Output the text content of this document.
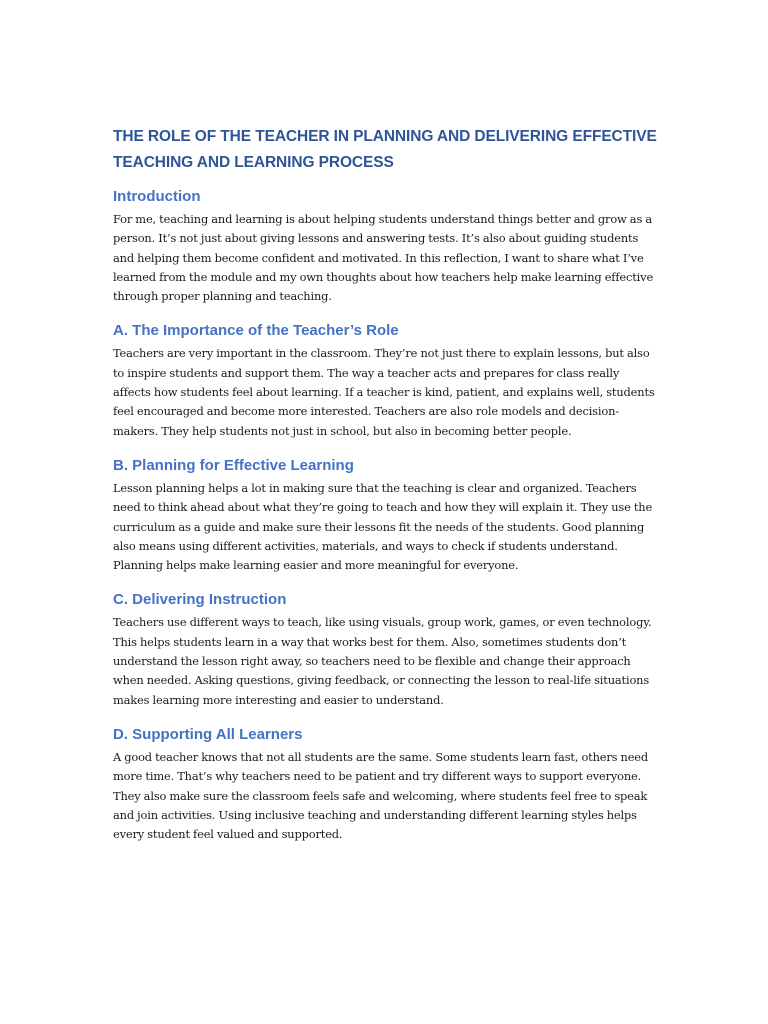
THE ROLE OF THE TEACHER IN PLANNING AND DELIVERING EFFECTIVE TEACHING AND LEARNING PROCESS
Introduction

For me, teaching and learning is about helping students understand things better and grow as a person. It’s not just about giving lessons and answering tests. It’s also about guiding students and helping them become confident and motivated. In this reflection, I want to share what I’ve learned from the module and my own thoughts about how teachers help make learning effective through proper planning and teaching.

A. The Importance of the Teacher’s Role

Teachers are very important in the classroom. They’re not just there to explain lessons, but also to inspire students and support them. The way a teacher acts and prepares for class really affects how students feel about learning. If a teacher is kind, patient, and explains well, students feel encouraged and become more interested. Teachers are also role models and decision-makers. They help students not just in school, but also in becoming better people.

B. Planning for Effective Learning

Lesson planning helps a lot in making sure that the teaching is clear and organized. Teachers need to think ahead about what they’re going to teach and how they will explain it. They use the curriculum as a guide and make sure their lessons fit the needs of the students. Good planning also means using different activities, materials, and ways to check if students understand. Planning helps make learning easier and more meaningful for everyone.

C. Delivering Instruction

Teachers use different ways to teach, like using visuals, group work, games, or even technology. This helps students learn in a way that works best for them. Also, sometimes students don’t understand the lesson right away, so teachers need to be flexible and change their approach when needed. Asking questions, giving feedback, or connecting the lesson to real-life situations makes learning more interesting and easier to understand.

D. Supporting All Learners

A good teacher knows that not all students are the same. Some students learn fast, others need more time. That’s why teachers need to be patient and try different ways to support everyone. They also make sure the classroom feels safe and welcoming, where students feel free to speak and join activities. Using inclusive teaching and understanding different learning styles helps every student feel valued and supported.
